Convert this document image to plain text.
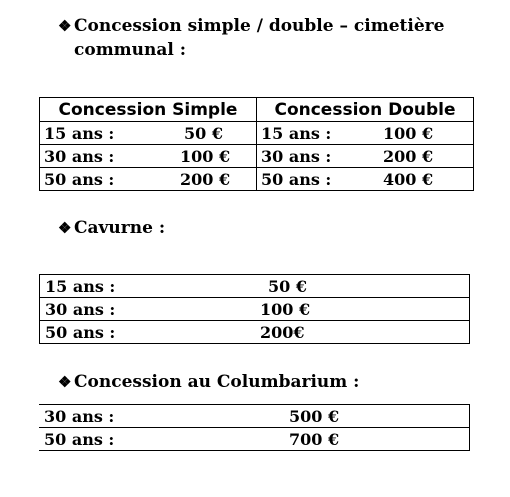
❖ Concession simple / double – cimetière
communal :
Concession Simple	Concession Double

15 ans : 50 €	15 ans : 100 €

30 ans : 100 €	30 ans : 200 €

50 ans : 200 €	50 ans : 400 €
❖ Cavurne :
15 ans :	50 €

30 ans :	100 €

50 ans :	200€
❖ Concession au Columbarium :
30 ans :	500 €

50 ans :	700 €
